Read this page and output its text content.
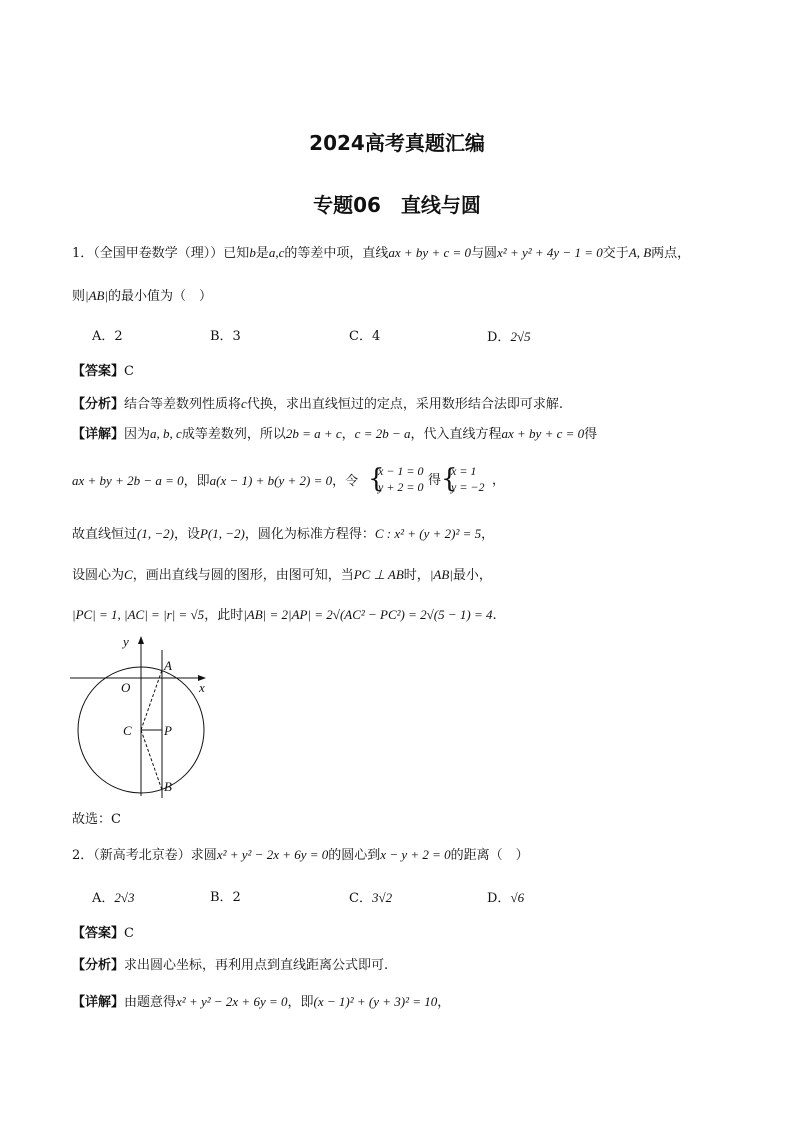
2024高考真题汇编
专题06　直线与圆
1．（全国甲卷数学（理））已知b是a,c的等差中项，直线ax + by + c = 0与圆x² + y² + 4y − 1 = 0交于A, B两点，
则|AB|的最小值为（　）
A．2	B．3	C．4	D．2√5
【答案】C
【分析】结合等差数列性质将c代换，求出直线恒过的定点，采用数形结合法即可求解.
【详解】因为a, b, c成等差数列，所以2b = a + c，c = 2b − a，代入直线方程ax + by + c = 0得
ax + by + 2b − a = 0，即a(x − 1) + b(y + 2) = 0，令 {
x − 1 = 0
y + 2 = 0 得 {
x = 1
y = −2 ，
故直线恒过(1, −2)，设P(1, −2)，圆化为标准方程得：C : x² + (y + 2)² = 5，
设圆心为C，画出直线与圆的图形，由图可知，当PC ⊥ AB时，|AB|最小，
|PC| = 1, |AC| = |r| = √5，此时|AB| = 2|AP| = 2√(AC² − PC²) = 2√(5 − 1) = 4.
y
x
O
A
C P
B
故选：C
2．（新高考北京卷）求圆x² + y² − 2x + 6y = 0的圆心到x − y + 2 = 0的距离（　）
A．2√3	B．2	C．3√2	D．√6
【答案】C
【分析】求出圆心坐标，再利用点到直线距离公式即可.
【详解】由题意得x² + y² − 2x + 6y = 0，即(x − 1)² + (y + 3)² = 10，
